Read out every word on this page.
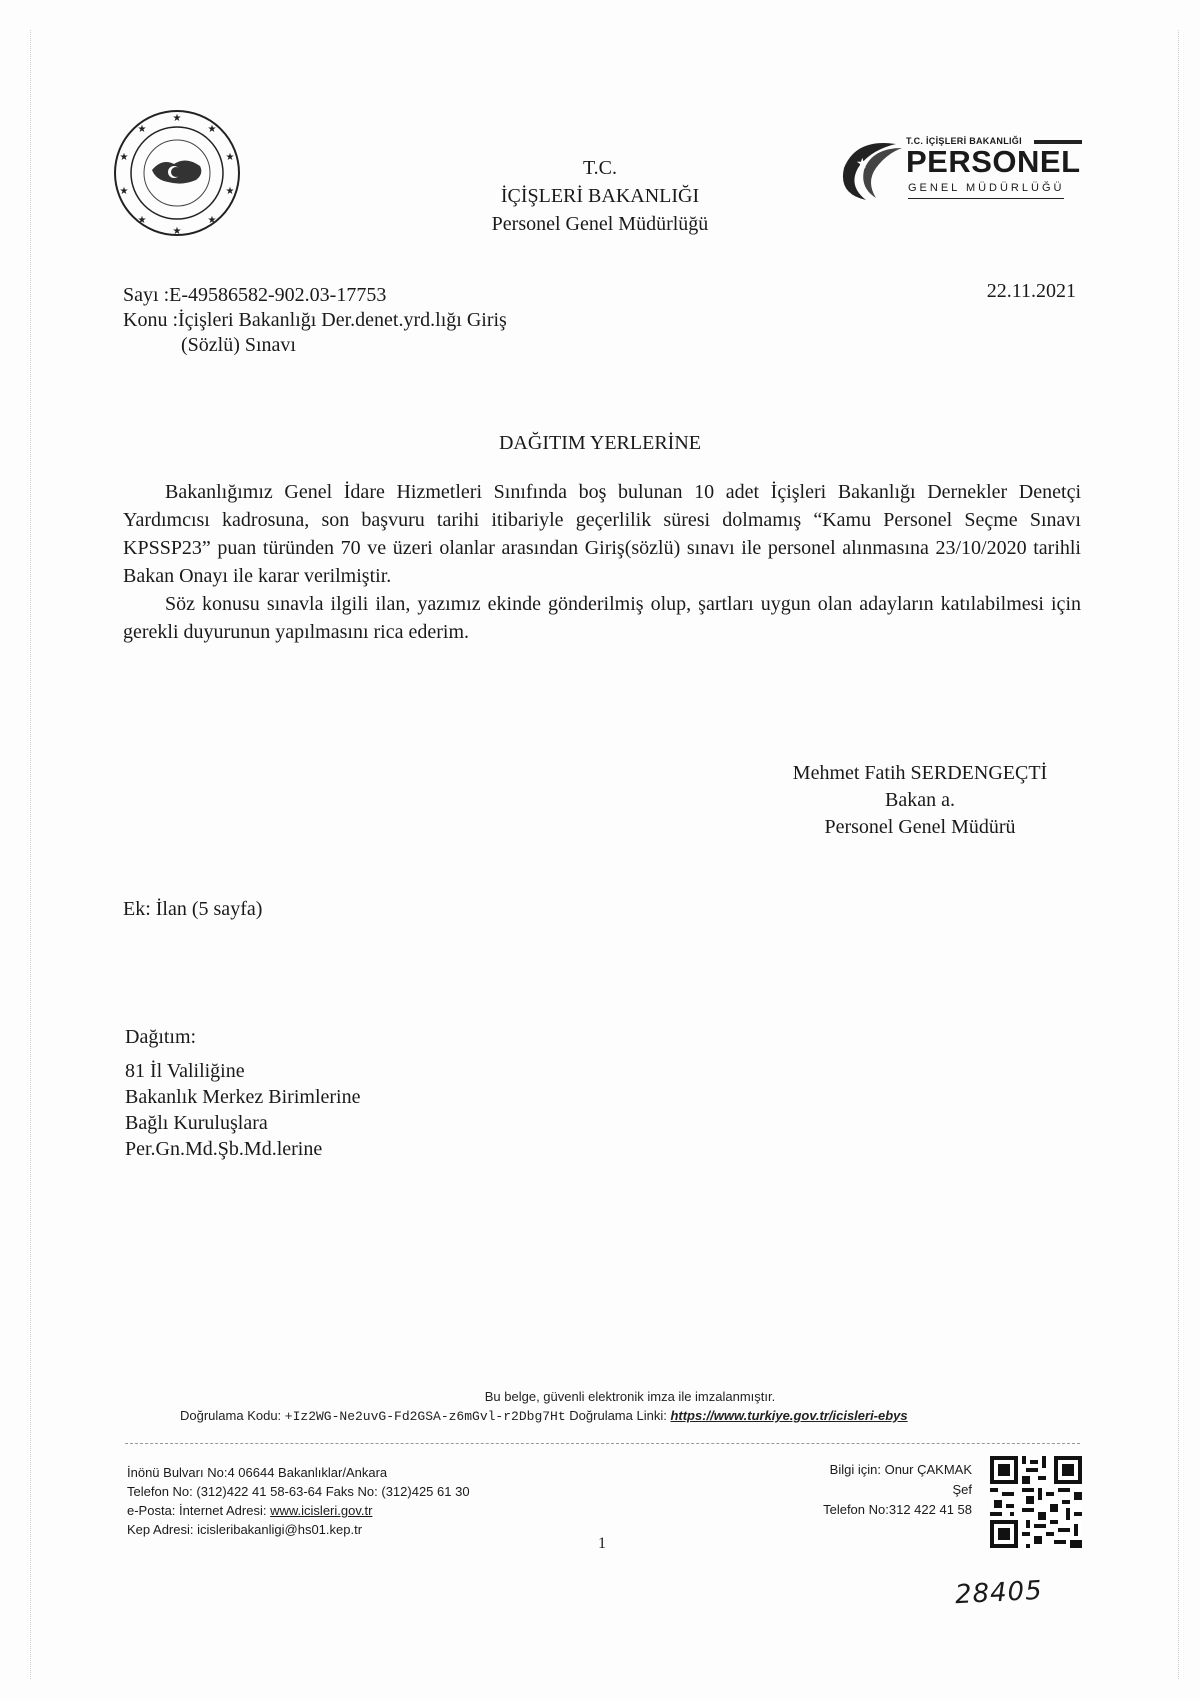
★
★
★
★
★
★
★
★
★
★
T.C.
İÇİŞLERİ BAKANLIĞI
Personel Genel Müdürlüğü
★
T.C. İÇİŞLERİ BAKANLIĞI
PERSONEL
GENEL MÜDÜRLÜĞÜ
Sayı :E-49586582-902.03-17753
Konu :İçişleri Bakanlığı Der.denet.yrd.lığı Giriş
(Sözlü) Sınavı
22.11.2021
DAĞITIM YERLERİNE

Bakanlığımız Genel İdare Hizmetleri Sınıfında boş bulunan 10 adet İçişleri Bakanlığı Dernekler Denetçi Yardımcısı kadrosuna, son başvuru tarihi itibariyle geçerlilik süresi dolmamış “Kamu Personel Seçme Sınavı KPSSP23” puan türünden 70 ve üzeri olanlar arasından Giriş(sözlü) sınavı ile personel alınmasına 23/10/2020 tarihli Bakan Onayı ile karar verilmiştir.

Söz konusu sınavla ilgili ilan, yazımız ekinde gönderilmiş olup, şartları uygun olan adayların katılabilmesi için gerekli duyurunun yapılmasını rica ederim.

Mehmet Fatih SERDENGEÇTİ
Bakan a.
Personel Genel Müdürü
Ek: İlan (5 sayfa)
Dağıtım:
81 İl Valiliğine
Bakanlık Merkez Birimlerine
Bağlı Kuruluşlara
Per.Gn.Md.Şb.Md.lerine
Bu belge, güvenli elektronik imza ile imzalanmıştır.
Doğrulama Kodu: +Iz2WG-Ne2uvG-Fd2GSA-z6mGvl-r2Dbg7Ht Doğrulama Linki: https://www.turkiye.gov.tr/icisleri-ebys
İnönü Bulvarı No:4 06644 Bakanlıklar/Ankara
Telefon No: (312)422 41 58-63-64 Faks No: (312)425 61 30
e-Posta: İnternet Adresi: www.icisleri.gov.tr
Kep Adresi: icisleribakanligi@hs01.kep.tr
Bilgi için: Onur ÇAKMAK
Şef
Telefon No:312 422 41 58
1
28405
